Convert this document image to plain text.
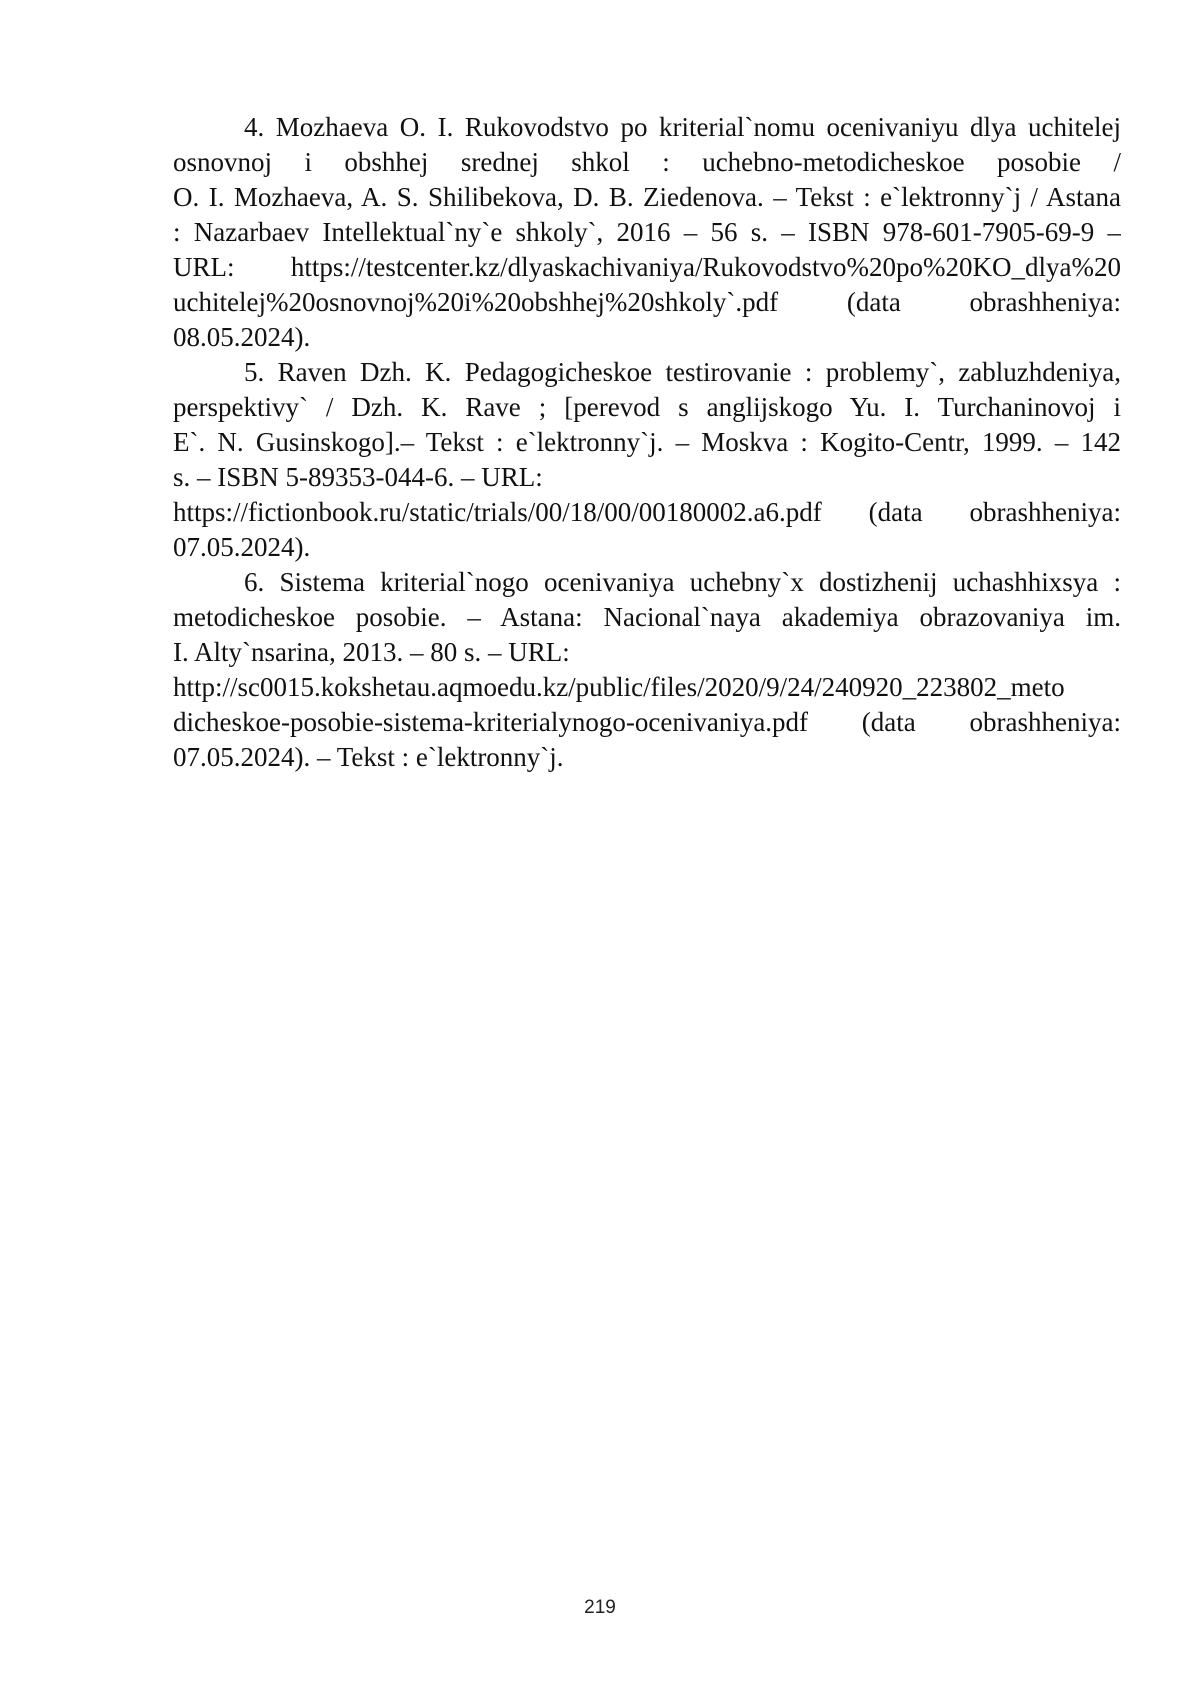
4. Mozhaeva O. I. Rukovodstvo po kriterial`nomu ocenivaniyu dlya uchitelej
osnovnoj i obshhej srednej shkol : uchebno-metodicheskoe posobie /
O. I. Mozhaeva, A. S. Shilibekova, D. B. Ziedenova. – Tekst : e`lektronny`j / Astana
: Nazarbaev Intellektual`ny`e shkoly`, 2016 – 56 s. – ISBN 978-601-7905-69-9 –
URL: https://testcenter.kz/dlyaskachivaniya/Rukovodstvo%20po%20KO_dlya%20
uchitelej%20osnovnoj%20i%20obshhej%20shkoly`.pdf (data obrashheniya:
08.05.2024).
5. Raven Dzh. K. Pedagogicheskoe testirovanie : problemy`, zabluzhdeniya,
perspektivy` / Dzh. K. Rave ; [perevod s anglijskogo Yu. I. Turchaninovoj i
E`. N. Gusinskogo].– Tekst : e`lektronny`j. – Moskva : Kogito-Centr, 1999. – 142
s. – ISBN 5-89353-044-6. – URL:
https://fictionbook.ru/static/trials/00/18/00/00180002.a6.pdf (data obrashheniya:
07.05.2024).
6. Sistema kriterial`nogo ocenivaniya uchebny`x dostizhenij uchashhixsya :
metodicheskoe posobie. – Astana: Nacional`naya akademiya obrazovaniya im.
I. Alty`nsarina, 2013. – 80 s. – URL:
http://sc0015.kokshetau.aqmoedu.kz/public/files/2020/9/24/240920_223802_meto
dicheskoe-posobie-sistema-kriterialynogo-ocenivaniya.pdf (data obrashheniya:
07.05.2024). – Tekst : e`lektronny`j.
219
